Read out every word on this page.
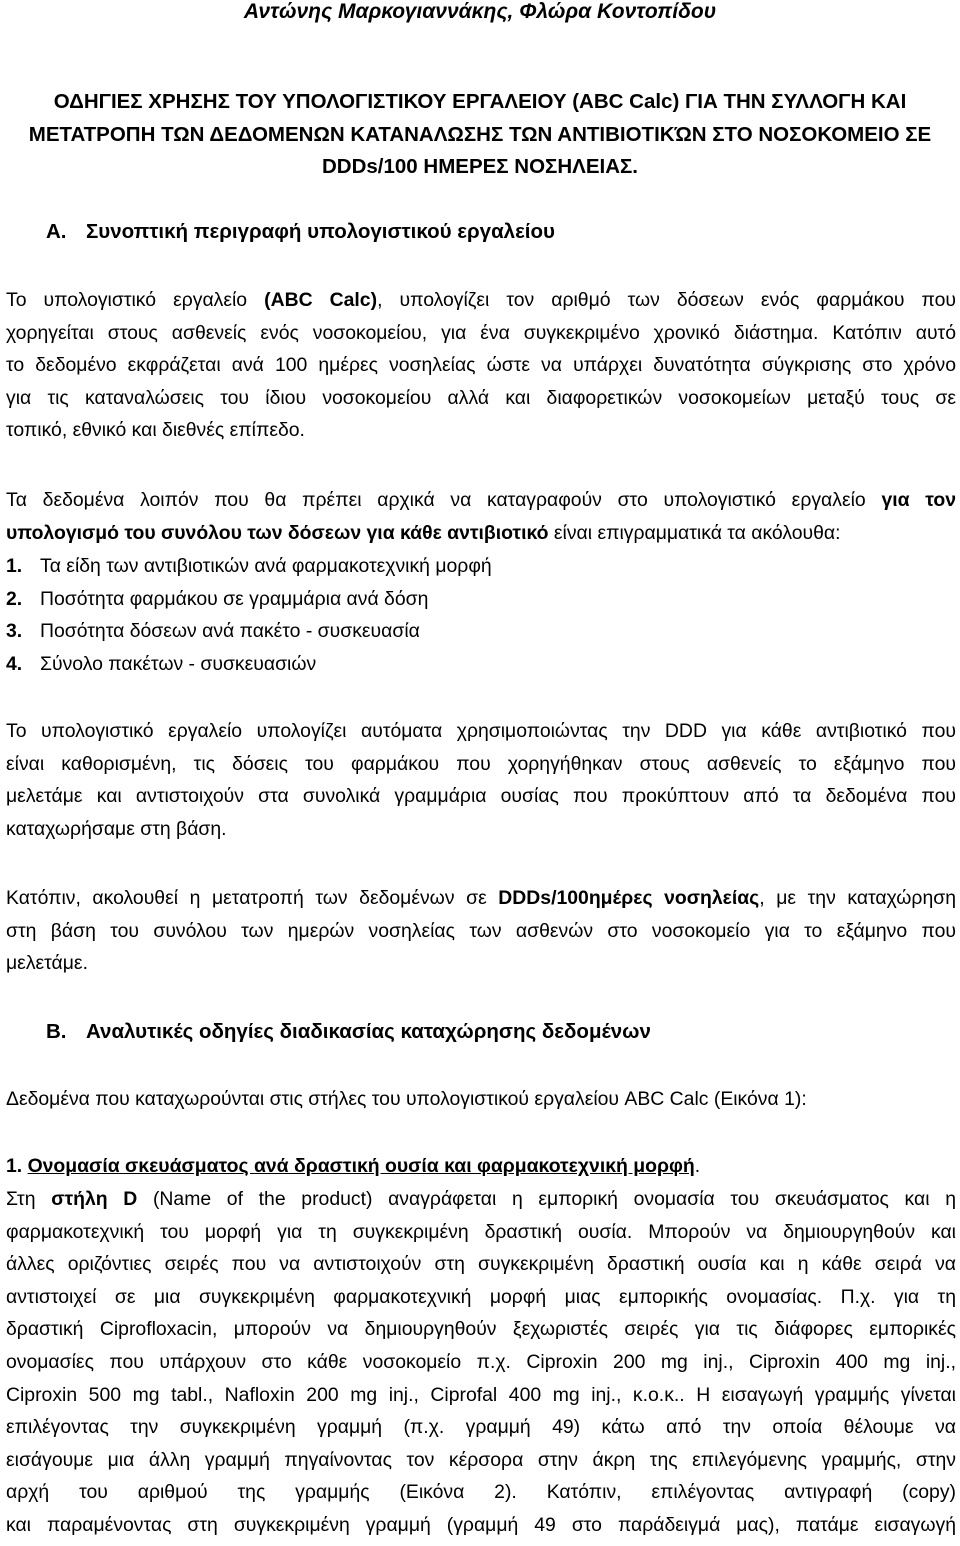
Αντώνης Μαρκογιαννάκης, Φλώρα Κοντοπίδου
ΟΔΗΓΙΕΣ ΧΡΗΣΗΣ ΤΟΥ ΥΠΟΛΟΓΙΣΤΙΚΟΥ ΕΡΓΑΛΕΙΟΥ (ABC Calc) ΓΙΑ ΤΗΝ ΣΥΛΛΟΓΗ ΚΑΙ
ΜΕΤΑΤΡΟΠΗ ΤΩΝ ΔΕΔΟΜΕΝΩΝ ΚΑΤΑΝΑΛΩΣΗΣ ΤΩΝ ΑΝΤΙΒΙΟΤΙΚΏΝ ΣΤΟ ΝΟΣΟΚΟΜΕΙΟ ΣΕ
DDDs/100 ΗΜΕΡΕΣ ΝΟΣΗΛΕΙΑΣ.
Α. Συνοπτική περιγραφή υπολογιστικού εργαλείου
Το υπολογιστικό εργαλείο (ABC Calc), υπολογίζει τον αριθμό των δόσεων ενός φαρμάκου που
χορηγείται στους ασθενείς ενός νοσοκομείου, για ένα συγκεκριμένο χρονικό διάστημα. Κατόπιν αυτό
το δεδομένο εκφράζεται ανά 100 ημέρες νοσηλείας ώστε να υπάρχει δυνατότητα σύγκρισης στο χρόνο
για τις καταναλώσεις του ίδιου νοσοκομείου αλλά και διαφορετικών νοσοκομείων μεταξύ τους σε
τοπικό, εθνικό και διεθνές επίπεδο.
Τα δεδομένα λοιπόν που θα πρέπει αρχικά να καταγραφούν στο υπολογιστικό εργαλείο για τον
υπολογισμό του συνόλου των δόσεων για κάθε αντιβιοτικό είναι επιγραμματικά τα ακόλουθα:
1. Τα είδη των αντιβιοτικών ανά φαρμακοτεχνική μορφή
2. Ποσότητα φαρμάκου σε γραμμάρια ανά δόση
3. Ποσότητα δόσεων ανά πακέτο - συσκευασία
4. Σύνολο πακέτων - συσκευασιών
Το υπολογιστικό εργαλείο υπολογίζει αυτόματα χρησιμοποιώντας την DDD για κάθε αντιβιοτικό που
είναι καθορισμένη, τις δόσεις του φαρμάκου που χορηγήθηκαν στους ασθενείς το εξάμηνο που
μελετάμε και αντιστοιχούν στα συνολικά γραμμάρια ουσίας που προκύπτουν από τα δεδομένα που
καταχωρήσαμε στη βάση.
Κατόπιν, ακολουθεί η μετατροπή των δεδομένων σε DDDs/100ημέρες νοσηλείας, με την καταχώρηση
στη βάση του συνόλου των ημερών νοσηλείας των ασθενών στο νοσοκομείο για το εξάμηνο που
μελετάμε.
Β. Αναλυτικές οδηγίες διαδικασίας καταχώρησης δεδομένων
Δεδομένα που καταχωρούνται στις στήλες του υπολογιστικού εργαλείου ABC Calc (Εικόνα 1):
1. Ονομασία σκευάσματος ανά δραστική ουσία και φαρμακοτεχνική μορφή.
Στη στήλη D (Name of the product) αναγράφεται η εμπορική ονομασία του σκευάσματος και η
φαρμακοτεχνική του μορφή για τη συγκεκριμένη δραστική ουσία. Μπορούν να δημιουργηθούν και
άλλες οριζόντιες σειρές που να αντιστοιχούν στη συγκεκριμένη δραστική ουσία και η κάθε σειρά να
αντιστοιχεί σε μια συγκεκριμένη φαρμακοτεχνική μορφή μιας εμπορικής ονομασίας. Π.χ. για τη
δραστική Ciprofloxacin, μπορούν να δημιουργηθούν ξεχωριστές σειρές για τις διάφορες εμπορικές
ονομασίες που υπάρχουν στο κάθε νοσοκομείο π.χ. Ciproxin 200 mg inj., Ciproxin 400 mg inj.,
Ciproxin 500 mg tabl., Nafloxin 200 mg inj., Ciprofal 400 mg inj., κ.ο.κ.. Η εισαγωγή γραμμής γίνεται
επιλέγοντας την συγκεκριμένη γραμμή (π.χ. γραμμή 49) κάτω από την οποία θέλουμε να
εισάγουμε μια άλλη γραμμή πηγαίνοντας τον κέρσορα στην άκρη της επιλεγόμενης γραμμής, στην
αρχή του αριθμού της γραμμής (Εικόνα 2). Κατόπιν, επιλέγοντας αντιγραφή (copy)
και παραμένοντας στη συγκεκριμένη γραμμή (γραμμή 49 στο παράδειγμά μας), πατάμε εισαγωγή
